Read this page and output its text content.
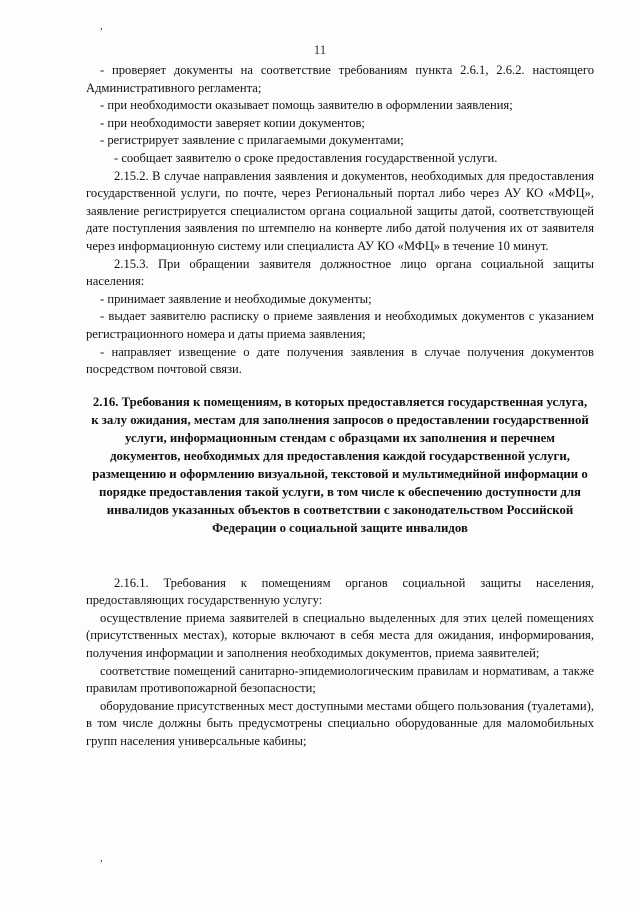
,
11

- проверяет документы на соответствие требованиям пункта 2.6.1, 2.6.2. настоящего Административного регламента;

- при необходимости оказывает помощь заявителю в оформлении заявления;

- при необходимости заверяет копии документов;

- регистрирует заявление с прилагаемыми документами;

- сообщает заявителю о сроке предоставления государственной услуги.

2.15.2. В случае направления заявления и документов, необходимых для предоставления государственной услуги, по почте, через Региональный портал либо через АУ КО «МФЦ», заявление регистрируется специалистом органа социальной защиты датой, соответствующей дате поступления заявления по штемпелю на конверте либо датой получения их от заявителя через информационную систему или специалиста АУ КО «МФЦ» в течение 10 минут.

2.15.3. При обращении заявителя должностное лицо органа социальной защиты населения:

- принимает заявление и необходимые документы;

- выдает заявителю расписку о приеме заявления и необходимых документов с указанием регистрационного номера и даты приема заявления;

- направляет извещение о дате получения заявления в случае получения документов посредством почтовой связи.

2.16. Требования к помещениям, в которых предоставляется государственная услуга, к залу ожидания, местам для заполнения запросов о предоставлении государственной услуги, информационным стендам с образцами их заполнения и перечнем документов, необходимых для предоставления каждой государственной услуги, размещению и оформлению визуальной, текстовой и мультимедийной информации о порядке предоставления такой услуги, в том числе к обеспечению доступности для инвалидов указанных объектов в соответствии с законодательством Российской Федерации о социальной защите инвалидов

2.16.1. Требования к помещениям органов социальной защиты населения, предоставляющих государственную услугу:

осуществление приема заявителей в специально выделенных для этих целей помещениях (присутственных местах), которые включают в себя места для ожидания, информирования, получения информации и заполнения необходимых документов, приема заявителей;

соответствие помещений санитарно-эпидемиологическим правилам и нормативам, а также правилам противопожарной безопасности;

оборудование присутственных мест доступными местами общего пользования (туалетами), в том числе должны быть предусмотрены специально оборудованные для маломобильных групп населения универсальные кабины;

,
